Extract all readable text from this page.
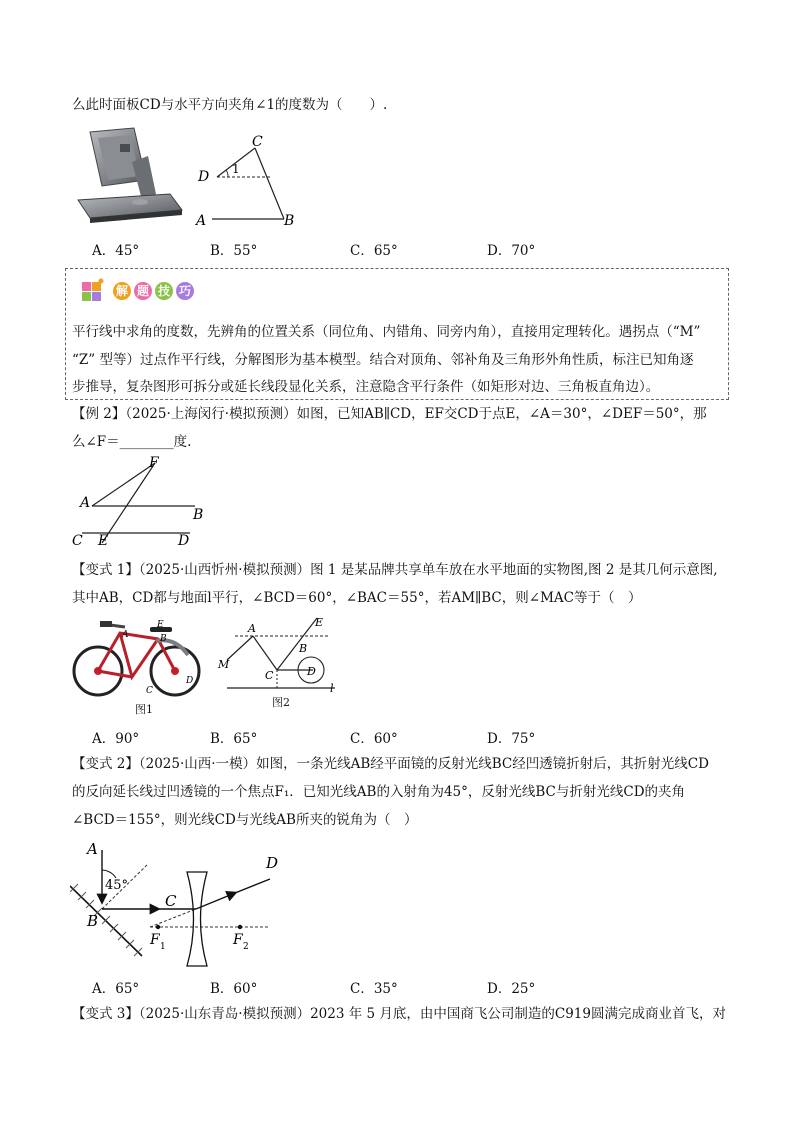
么此时面板CD与水平方向夹角∠1的度数为（　　）.
D
C
A	B
1
A．45°	B．55°	C．65°	D．70°
解 题 技 巧
平行线中求角的度数，先辨角的位置关系（同位角、内错角、同旁内角），直接用定理转化。遇拐点（“M”
“Z” 型等）过点作平行线，分解图形为基本模型。结合对顶角、邻补角及三角形外角性质，标注已知角逐
步推导，复杂图形可拆分或延长线段显化关系，注意隐含平行条件（如矩形对边、三角板直角边）。
【例 2】（2025·上海闵行·模拟预测）如图，已知AB∥CD，EF交CD于点E，∠A＝30°，∠DEF＝50°，那
么∠F＝________度.
F
A
B
C E	D
【变式 1】（2025·山西忻州·模拟预测）图 1 是某品牌共享单车放在水平地面的实物图,图 2 是其几何示意图,
其中AB，CD都与地面l平行，∠BCD＝60°，∠BAC＝55°，若AM∥BC，则∠MAC等于（　）
A
E
B
C
D
图1
A	E
M
B
C	D
l
图2
A．90°	B．65°	C．60°	D．75°
【变式 2】（2025·山西·一模）如图，一条光线AB经平面镜的反射光线BC经凹透镜折射后，其折射光线CD
的反向延长线过凹透镜的一个焦点F₁．已知光线AB的入射角为45°，反射光线BC与折射光线CD的夹角
∠BCD＝155°，则光线CD与光线AB所夹的锐角为（　）
A
45°
B
C
D
F 1	F 2
A．65°	B．60°	C．35°	D．25°
【变式 3】（2025·山东青岛·模拟预测）2023 年 5 月底，由中国商飞公司制造的C919圆满完成商业首飞，对
